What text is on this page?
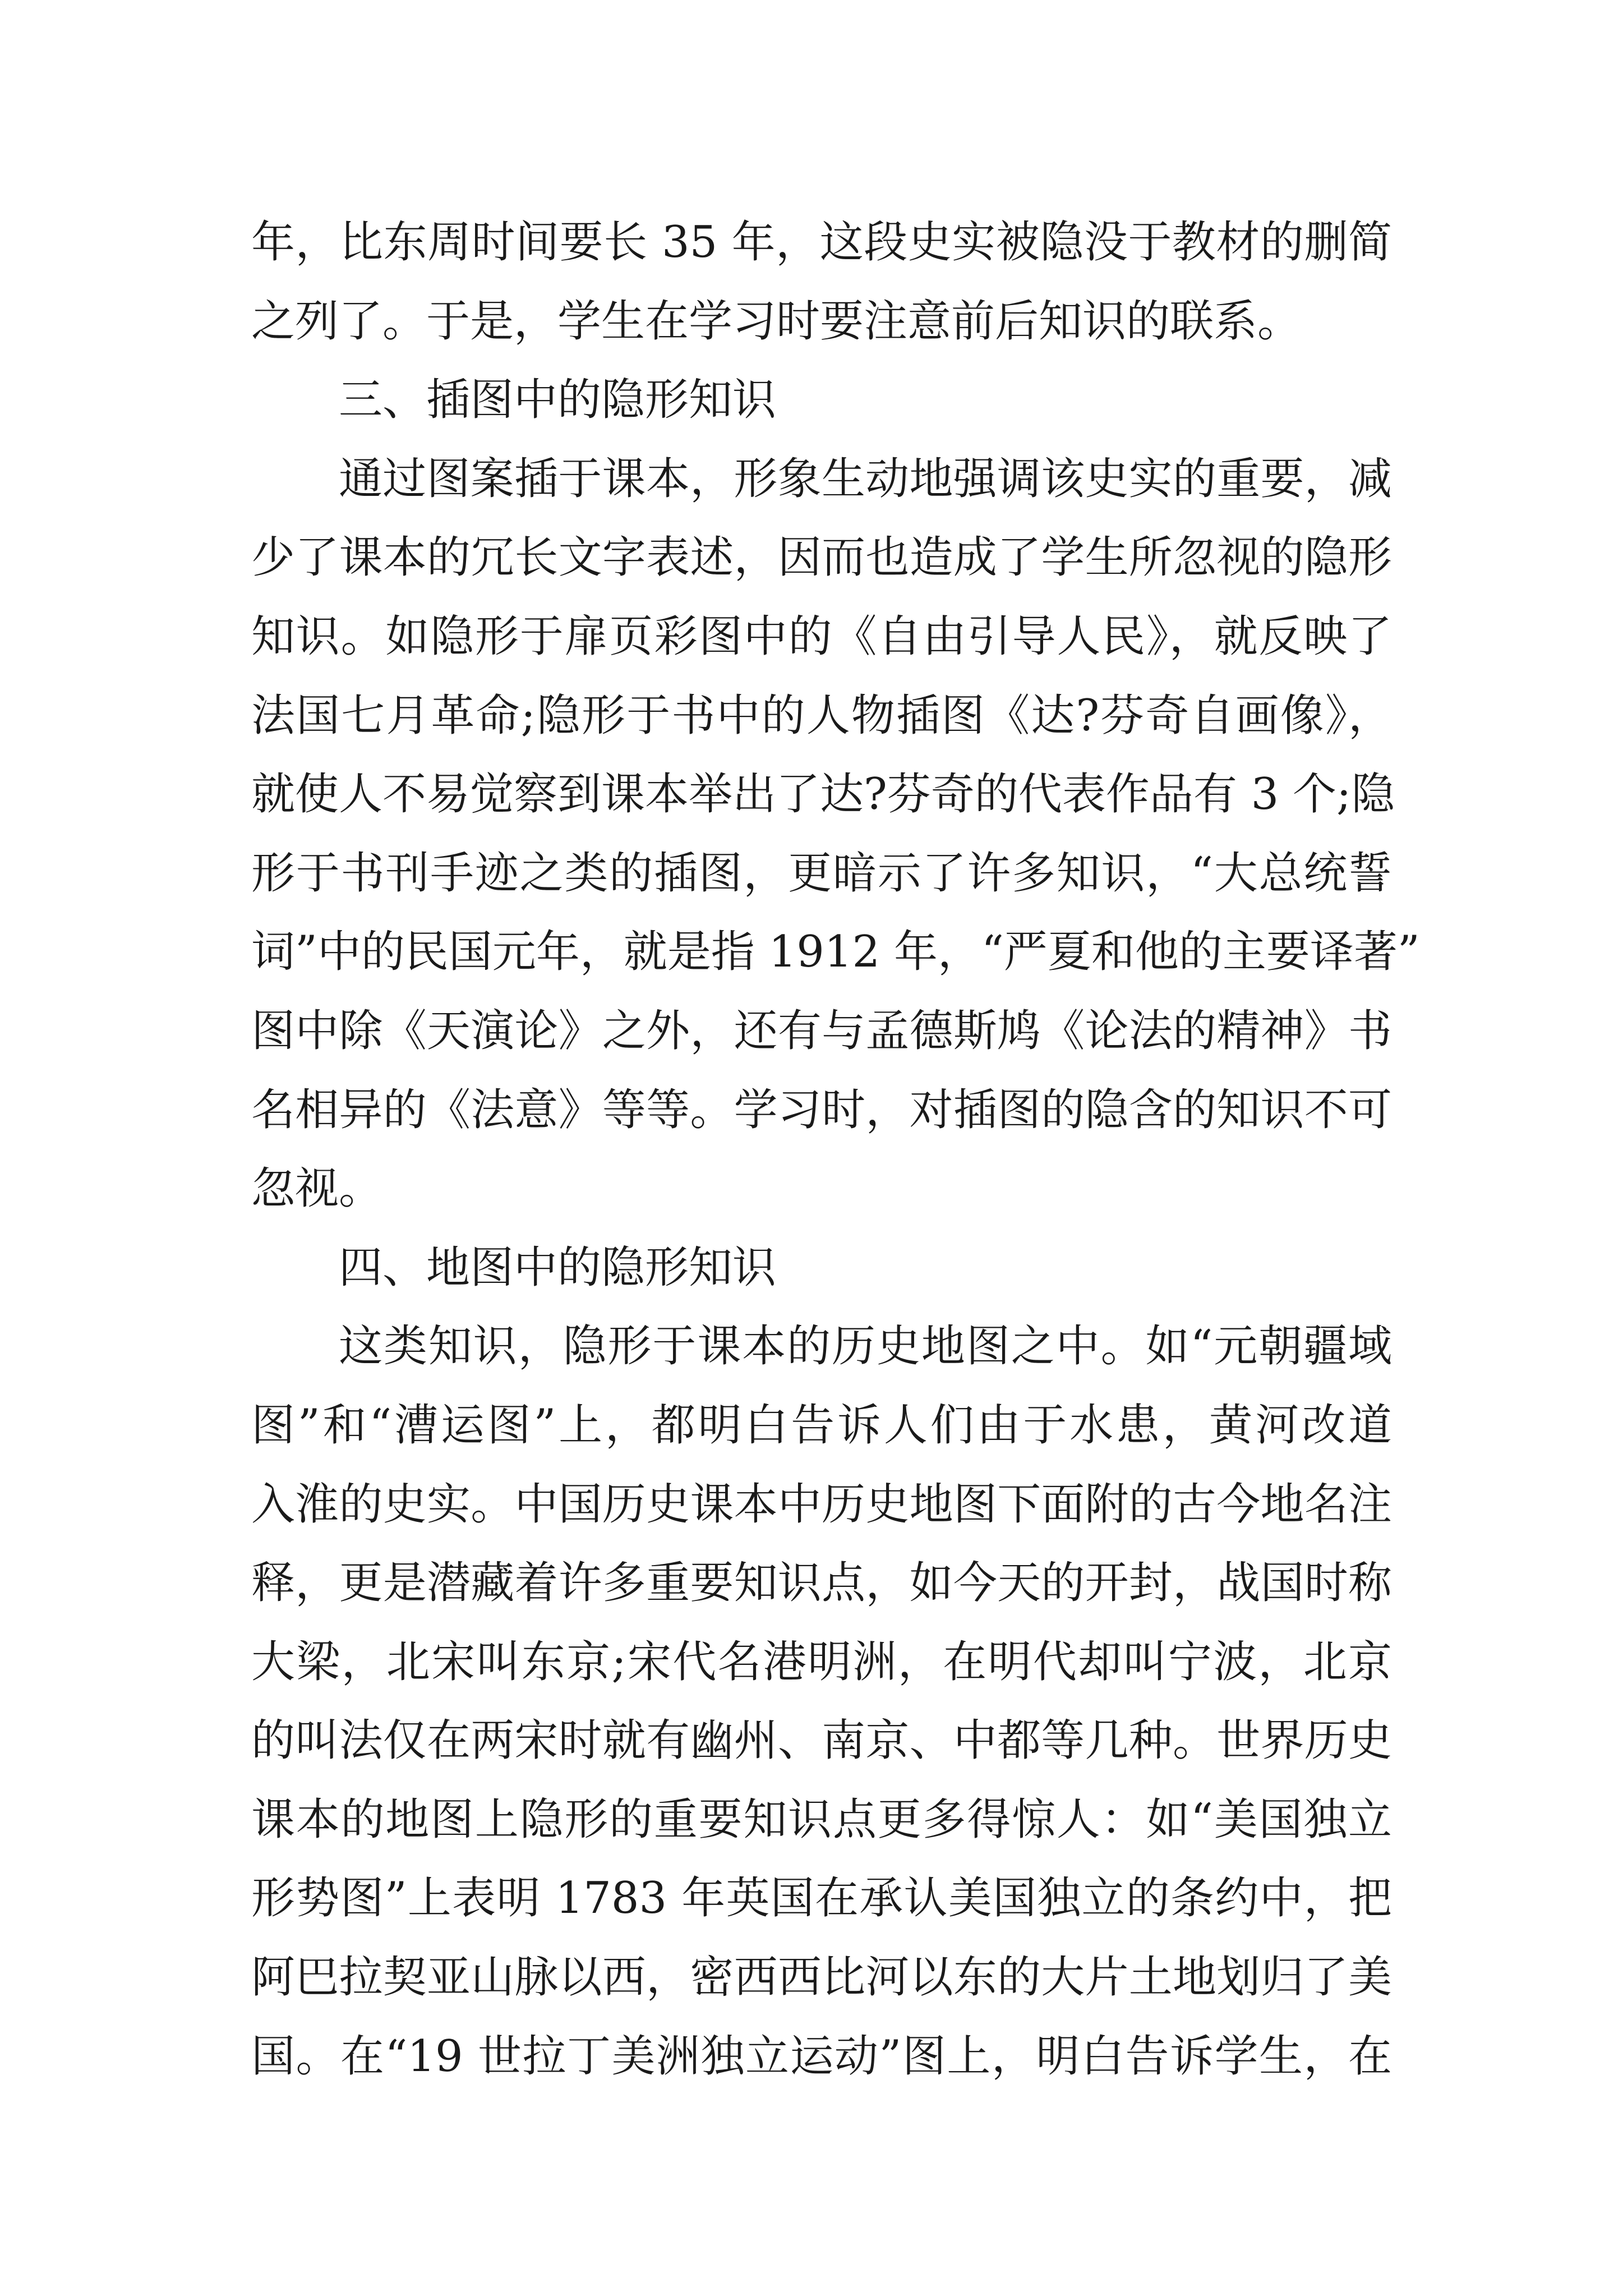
年，比东周时间要长 35 年，这段史实被隐没于教材的删简
之列了。于是，学生在学习时要注意前后知识的联系。
三、插图中的隐形知识
通过图案插于课本，形象生动地强调该史实的重要，减
少了课本的冗长文字表述，因而也造成了学生所忽视的隐形
知识。如隐形于扉页彩图中的《自由引导人民》，就反映了
法国七月革命;隐形于书中的人物插图《达?芬奇自画像》，
就使人不易觉察到课本举出了达?芬奇的代表作品有 3 个;隐
形于书刊手迹之类的插图，更暗示了许多知识，“大总统誓
词”中的民国元年，就是指 1912 年，“严夏和他的主要译著”
图中除《天演论》之外，还有与孟德斯鸠《论法的精神》书
名相异的《法意》等等。学习时，对插图的隐含的知识不可
忽视。
四、地图中的隐形知识
这类知识，隐形于课本的历史地图之中。如“元朝疆域
图”和“漕运图”上，都明白告诉人们由于水患，黄河改道
入淮的史实。中国历史课本中历史地图下面附的古今地名注
释，更是潜藏着许多重要知识点，如今天的开封，战国时称
大梁，北宋叫东京;宋代名港明洲，在明代却叫宁波，北京
的叫法仅在两宋时就有幽州、南京、中都等几种。世界历史
课本的地图上隐形的重要知识点更多得惊人：如“美国独立
形势图”上表明 1783 年英国在承认美国独立的条约中，把
阿巴拉契亚山脉以西，密西西比河以东的大片土地划归了美
国。在“19 世拉丁美洲独立运动”图上，明白告诉学生，在
